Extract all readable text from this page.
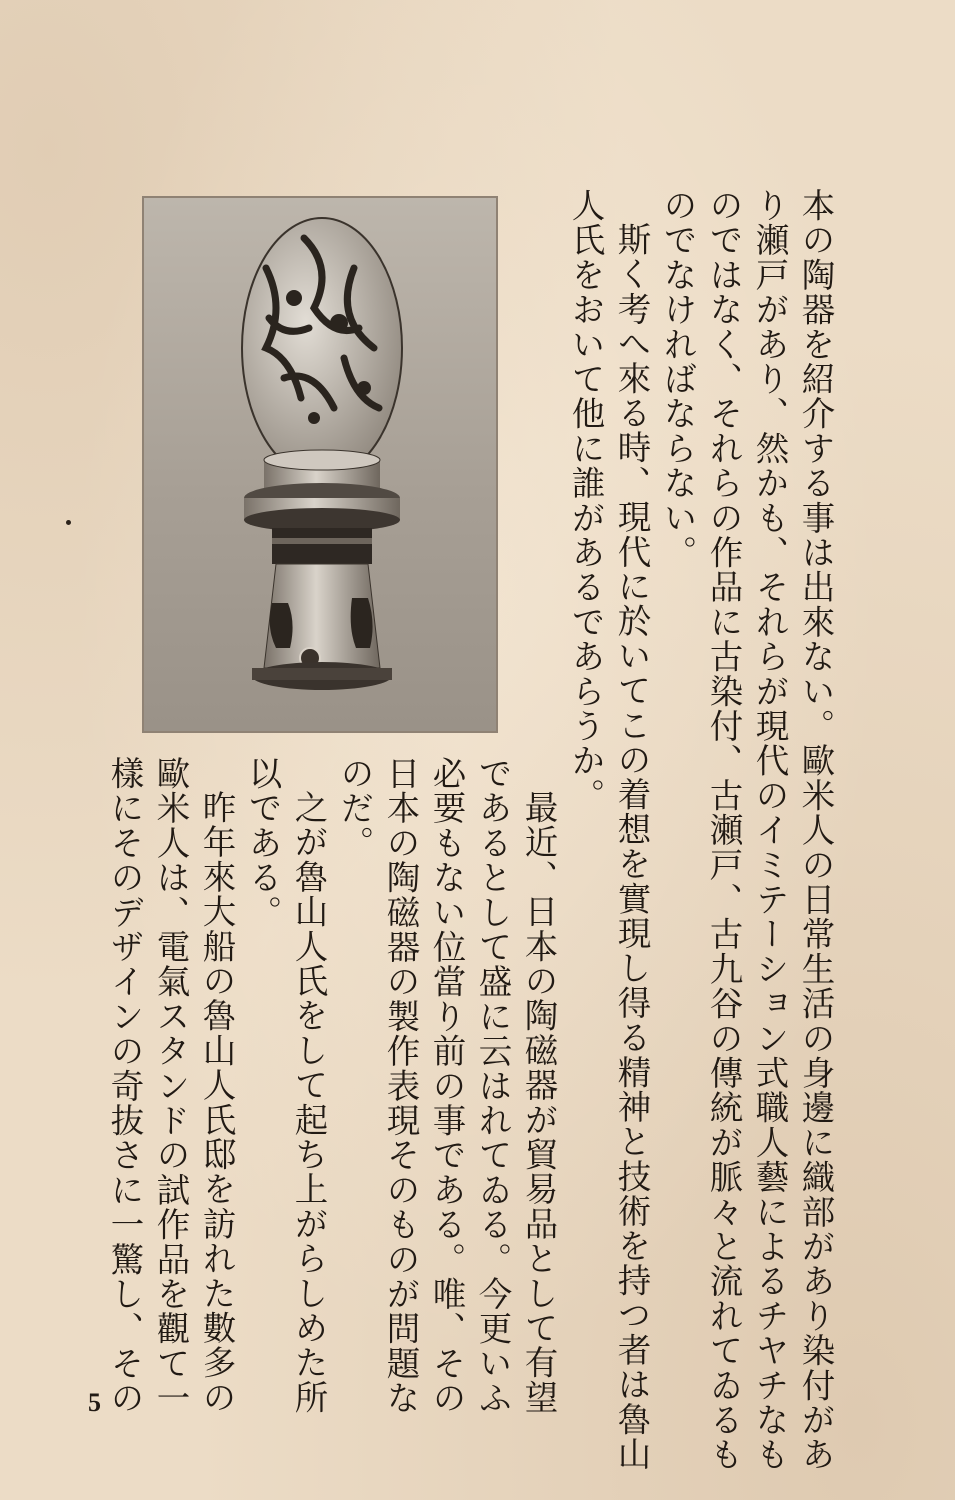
本の陶器を紹介する事は出來ない。歐米人の日常生活の身邊に織部があり染付があ
り瀬戸があり、然かも、それらが現代のイミテーション式職人藝によるチヤチなも
のではなく、それらの作品に古染付、古瀬戸、古九谷の傳統が脈々と流れてゐるも
のでなければならない。
斯く考へ來る時、現代に於いてこの着想を實現し得る精神と技術を持つ者は魯山
人氏をおいて他に誰があるであらうか。
最近、日本の陶磁器が貿易品として有望
であるとして盛に云はれてゐる。今更いふ
必要もない位當り前の事である。唯、その
日本の陶磁器の製作表現そのものが問題な
のだ。
之が魯山人氏をして起ち上がらしめた所
以である。
昨年來大船の魯山人氏邸を訪れた數多の
歐米人は、電氣スタンドの試作品を觀て一
樣にそのデザインの奇抜さに一驚し、その
5
